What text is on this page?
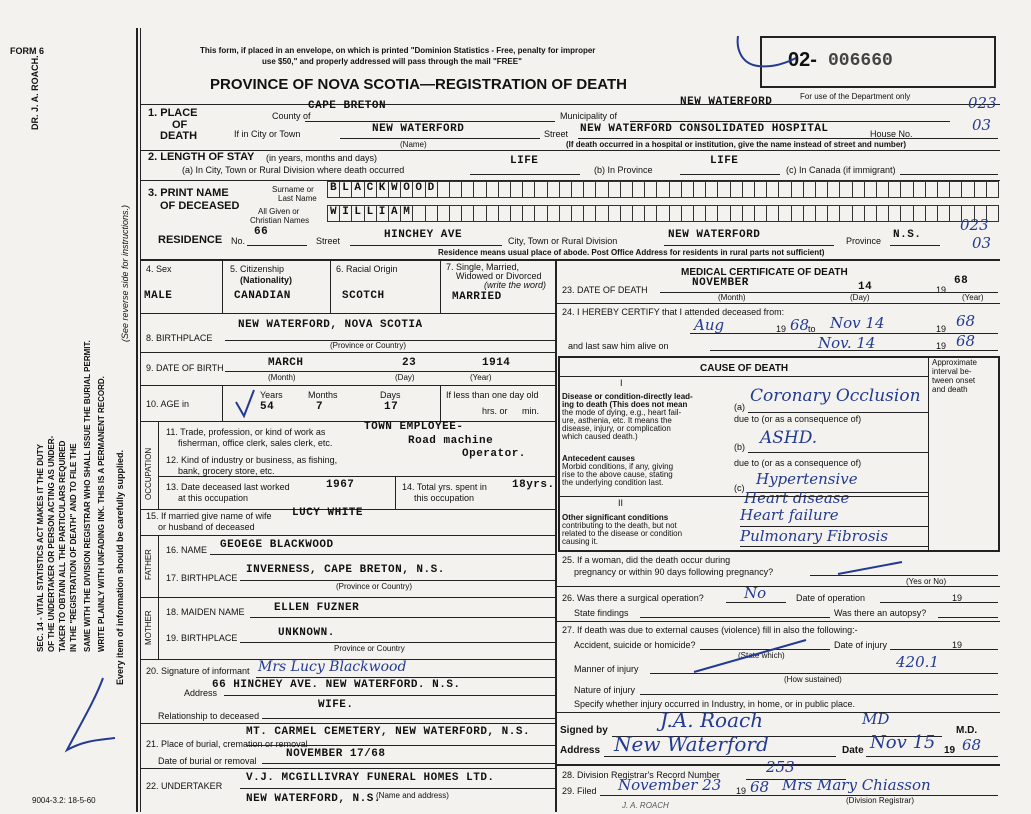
FORM 6
DR. J. A. ROACH.
(See reverse side for instructions.)
SEC. 14 - VITAL STATISTICS ACT MAKES IT THE DUTY OF THE UNDERTAKER OR PERSON ACTING AS UNDER- TAKER TO OBTAIN ALL THE PARTICULARS REQUIRED IN THE "REGISTRATION OF DEATH" AND TO FILE THE SAME WITH THE DIVISION REGISTRAR WHO SHALL ISSUE THE BURIAL PERMIT. WRITE PLAINLY WITH UNFADING INK. THIS IS A PERMANENT RECORD. Every item of information should be carefully supplied.
9004-3.2: 18-5-60
This form, if placed in an envelope, on which is printed "Dominion Statistics - Free, penalty for improper
use $50," and properly addressed will pass through the mail "FREE"
PROVINCE OF NOVA SCOTIA—REGISTRATION OF DEATH
02- 006660
For use of the Department only
1. PLACE
OF
DEATH
County of
CAPE BRETON
Municipality of
NEW WATERFORD	023
If in City or Town	NEW WATERFORD
(Name)
Street NEW WATERFORD CONSOLIDATED HOSPITAL	House No.	03
(If death occurred in a hospital or institution, give the name instead of street and number)
2. LENGTH OF STAY (in years, months and days)
(a) In City, Town or Rural Division where death occurred
LIFE
(b) In Province
LIFE
(c) In Canada (if immigrant)
3. PRINT NAME
OF DECEASED
Surname or
Last Name
All Given or
Christian Names
B L A C K W O O D
W I L L I A M
RESIDENCE No.
66
Street	HINCHEY AVE	City, Town or Rural Division	NEW WATERFORD	Province N.S.
023
03
Residence means usual place of abode. Post Office Address for residents in rural parts not sufficient)
4. Sex
MALE
5. Citizenship
(Nationality)
CANADIAN
6. Racial Origin
SCOTCH
7. Single, Married,
Widowed or Divorced
(write the word)
MARRIED
NEW WATERFORD, NOVA SCOTIA
8. BIRTHPLACE
(Province or Country)
9. DATE OF BIRTH	MARCH	23	1914
(Month)	(Day)	(Year)
10. AGE in
Years	Months	Days
54	7	17
If less than one day old
hrs. or min.
OCCUPATION
11. Trade, profession, or kind of work as
fisherman, office clerk, sales clerk, etc.
TOWN EMPLOYEE-
Road machine
Operator.
12. Kind of industry or business, as fishing,
bank, grocery store, etc.
13. Date deceased last worked
at this occupation
1967	14. Total yrs. spent in
this occupation
18yrs.
15. If married give name of wife
or husband of deceased
LUCY WHITE
FATHER 16. NAME GEOEGE BLACKWOOD
17. BIRTHPLACE
INVERNESS, CAPE BRETON, N.S.
(Province or Country)
MOTHER 18. MAIDEN NAME	ELLEN FUZNER
19. BIRTHPLACE	UNKNOWN.
Province or Country
20. Signature of informant Mrs Lucy Blackwood
Address
66 HINCHEY AVE. NEW WATERFORD. N.S.
Relationship to deceased
WIFE.
MT. CARMEL CEMETERY, NEW WATERFORD, N.S.
21. Place of burial, cremation or removal
Date of burial or removal
NOVEMBER 17/68
22. UNDERTAKER
V.J. MCGILLIVRAY FUNERAL HOMES LTD.
NEW WATERFORD, N.S.
(Name and address)
MEDICAL CERTIFICATE OF DEATH
23. DATE OF DEATH
NOVEMBER	14	19
68
(Month)	(Day)	(Year)
24. I HEREBY CERTIFY that I attended deceased from:
Aug	19 68
to Nov 14	19 68
and last saw him alive on	Nov. 14	19 68
CAUSE OF DEATH
Approximate
interval be-
tween onset
and death
I
Disease or condition-directly lead-
ing to death (This does not mean
the mode of dying, e.g., heart fail-
ure, asthenia, etc. It means the
disease, injury, or complication
which caused death.)
(a)
Coronary Occlusion
due to (or as a consequence of)
(b) ASHD.
Antecedent causes
Morbid conditions, if any, giving
rise to the above cause, stating
the underlying condition last.
due to (or as a consequence of)
(c) Hypertensive
Heart disease
II
Other significant conditions
contributing to the death, but not
related to the disease or condition
causing it.
Heart failure
Pulmonary Fibrosis
25. If a woman, did the death occur during
pregnancy or within 90 days following pregnancy?
(Yes or No)
26. Was there a surgical operation?	No	Date of operation	19
State findings	Was there an autopsy?
27. If death was due to external causes (violence) fill in also the following:-
Accident, suicide or homicide?
(State which)
Date of injury	19
Manner of injury	420.1
(How sustained)
Nature of injury
Specify whether injury occurred in Industry, in home, or in public place.
Signed by	J.A. Roach	MD
M.D.
Address New Waterford	Date Nov 15 19 68
28. Division Registrar's Record Number	253
29. Filed November 23 19 68 Mrs Mary Chiasson
(Division Registrar)
J. A. ROACH
